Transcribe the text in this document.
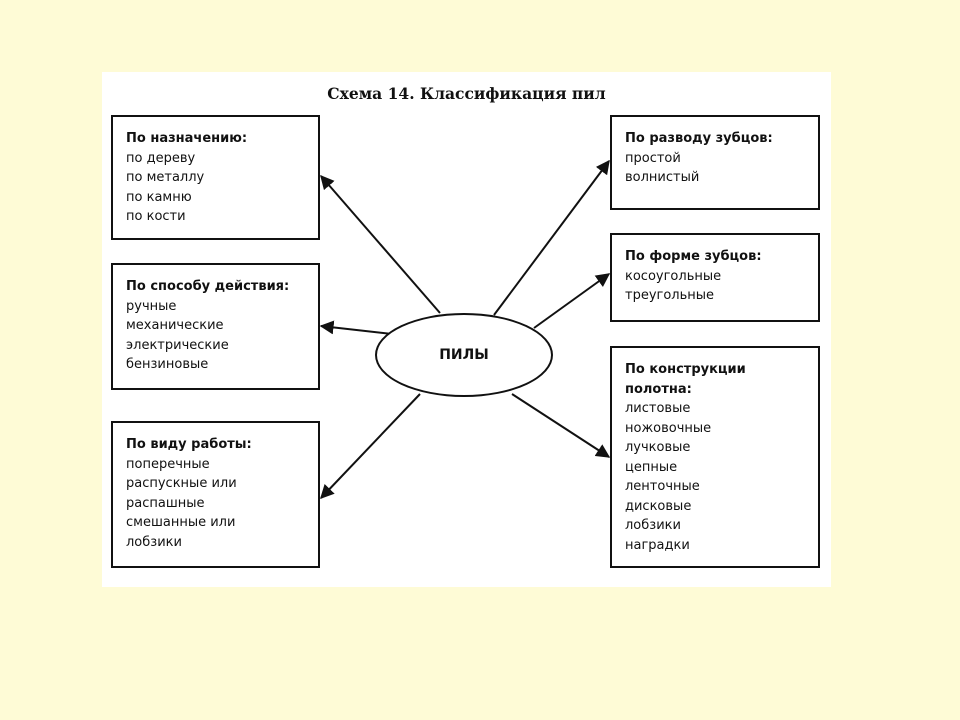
Схема 14. Классификация пил
По назначению:
по дереву
по металлу
по камню
по кости
По способу действия:
ручные
механические
электрические
бензиновые
По виду работы:
поперечные
распускные или
распашные
смешанные или
лобзики
ПИЛЫ
По разводу зубцов:
простой
волнистый
По форме зубцов:
косоугольные
треугольные
По конструкции полотна:
листовые
ножовочные
лучковые
цепные
ленточные
дисковые
лобзики
наградки
